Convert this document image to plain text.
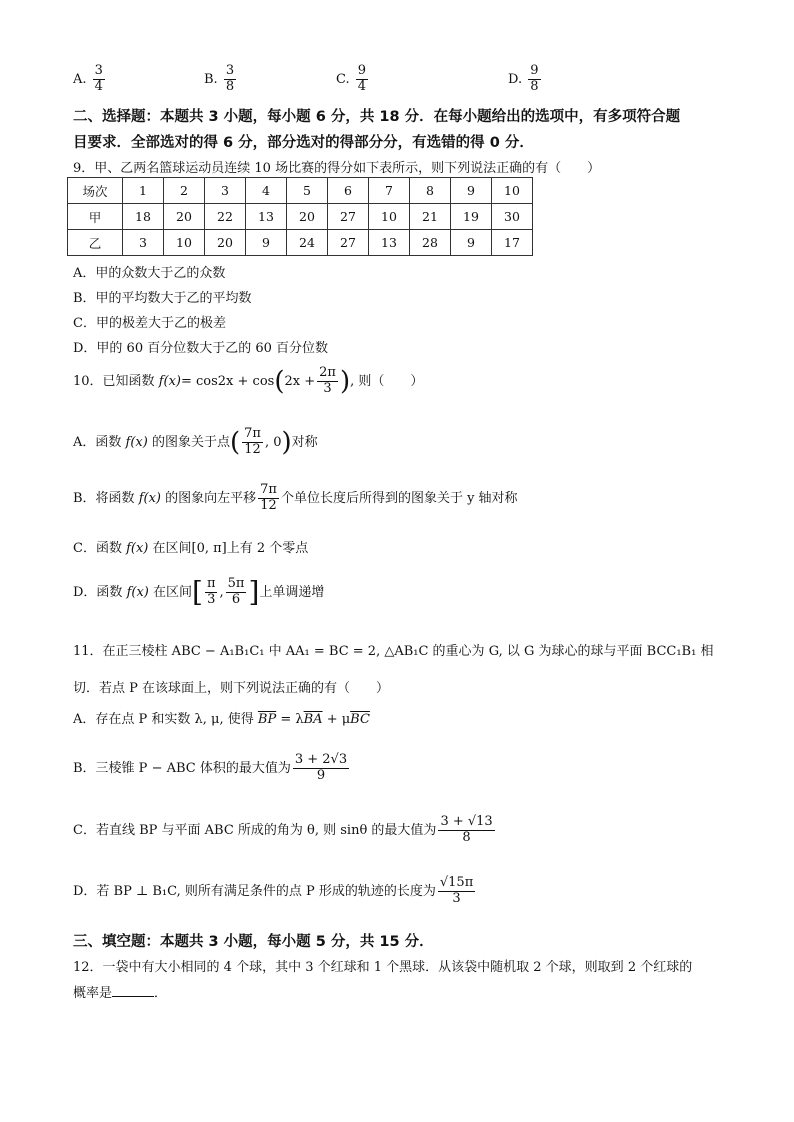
A. $\frac{3}{4}$	B. $\frac{3}{8}$	C. $\frac{9}{4}$	D. $\frac{9}{8}$
二、选择题：本题共 3 小题，每小题 6 分，共 18 分．在每小题给出的选项中，有多项符合题
目要求．全部选对的得 6 分，部分选对的得部分分，有选错的得 0 分．
9．甲、乙两名篮球运动员连续 10 场比赛的得分如下表所示，则下列说法正确的有（　　）
场次	1	2	3	4	5	6	7	8	9	10
甲	18	20	22	13	20	27	10	21	19	30
乙	3	10	20	9	24	27	13	28	9	17
A．甲的众数大于乙的众数
B．甲的平均数大于乙的平均数
C．甲的极差大于乙的极差
D．甲的 60 百分位数大于乙的 60 百分位数
10．已知函数 $f(x)= \cos 2x + \cos(2x + \frac{2\pi}{3}$ ), 则（　　）
A．函数 f(x) 的图象关于点( $\frac{7\pi}{12}$ , 0)对称
B．将函数 f(x) 的图象向左平移 $\frac{7\pi}{12}$ 个单位长度后所得到的图象关于 y 轴对称
C．函数 f(x) 在区间[0, π]上有 2 个零点
D．函数 f(x) 在区间[ $\frac{\pi}{3}$ , $\frac{5\pi}{6}$ ]上单调递增
11．在正三棱柱 ABC − A₁B₁C₁ 中 AA₁ = BC = 2, △AB₁C 的重心为 G, 以 G 为球心的球与平面 BCC₁B₁ 相
切．若点 P 在该球面上，则下列说法正确的有（　　）
A．存在点 P 和实数 λ, μ, 使得 $\overline{BP} = \lambda\overline{BA} + \mu\overline{BC}$
B．三棱锥 P − ABC 体积的最大值为 $\frac{3 + 2√3}{9}$
C．若直线 BP 与平面 ABC 所成的角为 θ, 则 sinθ 的最大值为 $\frac{3 + √13}{8}$
D．若 BP ⊥ B₁C, 则所有满足条件的点 P 形成的轨迹的长度为 $\frac{√15\pi}{3}$
三、填空题：本题共 3 小题，每小题 5 分，共 15 分．
12．一袋中有大小相同的 4 个球，其中 3 个红球和 1 个黑球．从该袋中随机取 2 个球，则取到 2 个红球的
概率是	．
